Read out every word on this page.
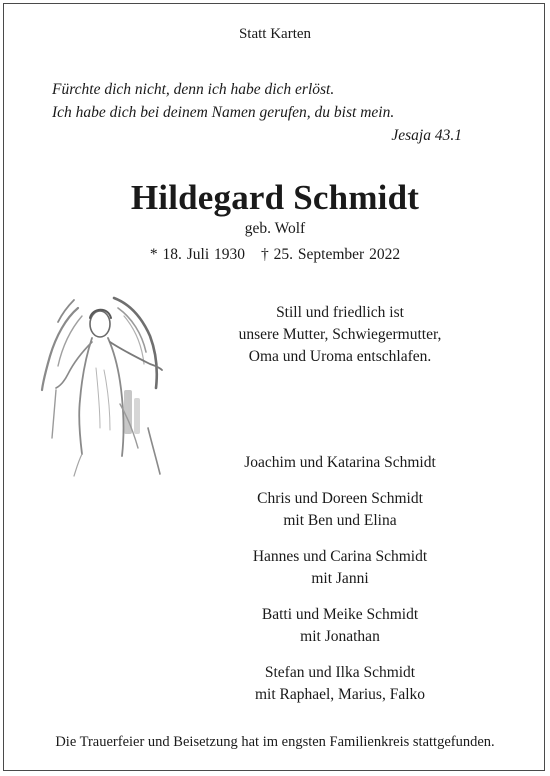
Statt Karten
Fürchte dich nicht, denn ich habe dich erlöst.
Ich habe dich bei deinem Namen gerufen, du bist mein.
Jesaja 43.1
Hildegard Schmidt
geb. Wolf
* 18. Juli 1930 † 25. September 2022
Still und friedlich ist
unsere Mutter, Schwiegermutter,
Oma und Uroma entschlafen.
Joachim und Katarina Schmidt
Chris und Doreen Schmidt
mit Ben und Elina
Hannes und Carina Schmidt
mit Janni
Batti und Meike Schmidt
mit Jonathan
Stefan und Ilka Schmidt
mit Raphael, Marius, Falko
Die Trauerfeier und Beisetzung hat im engsten Familienkreis stattgefunden.
